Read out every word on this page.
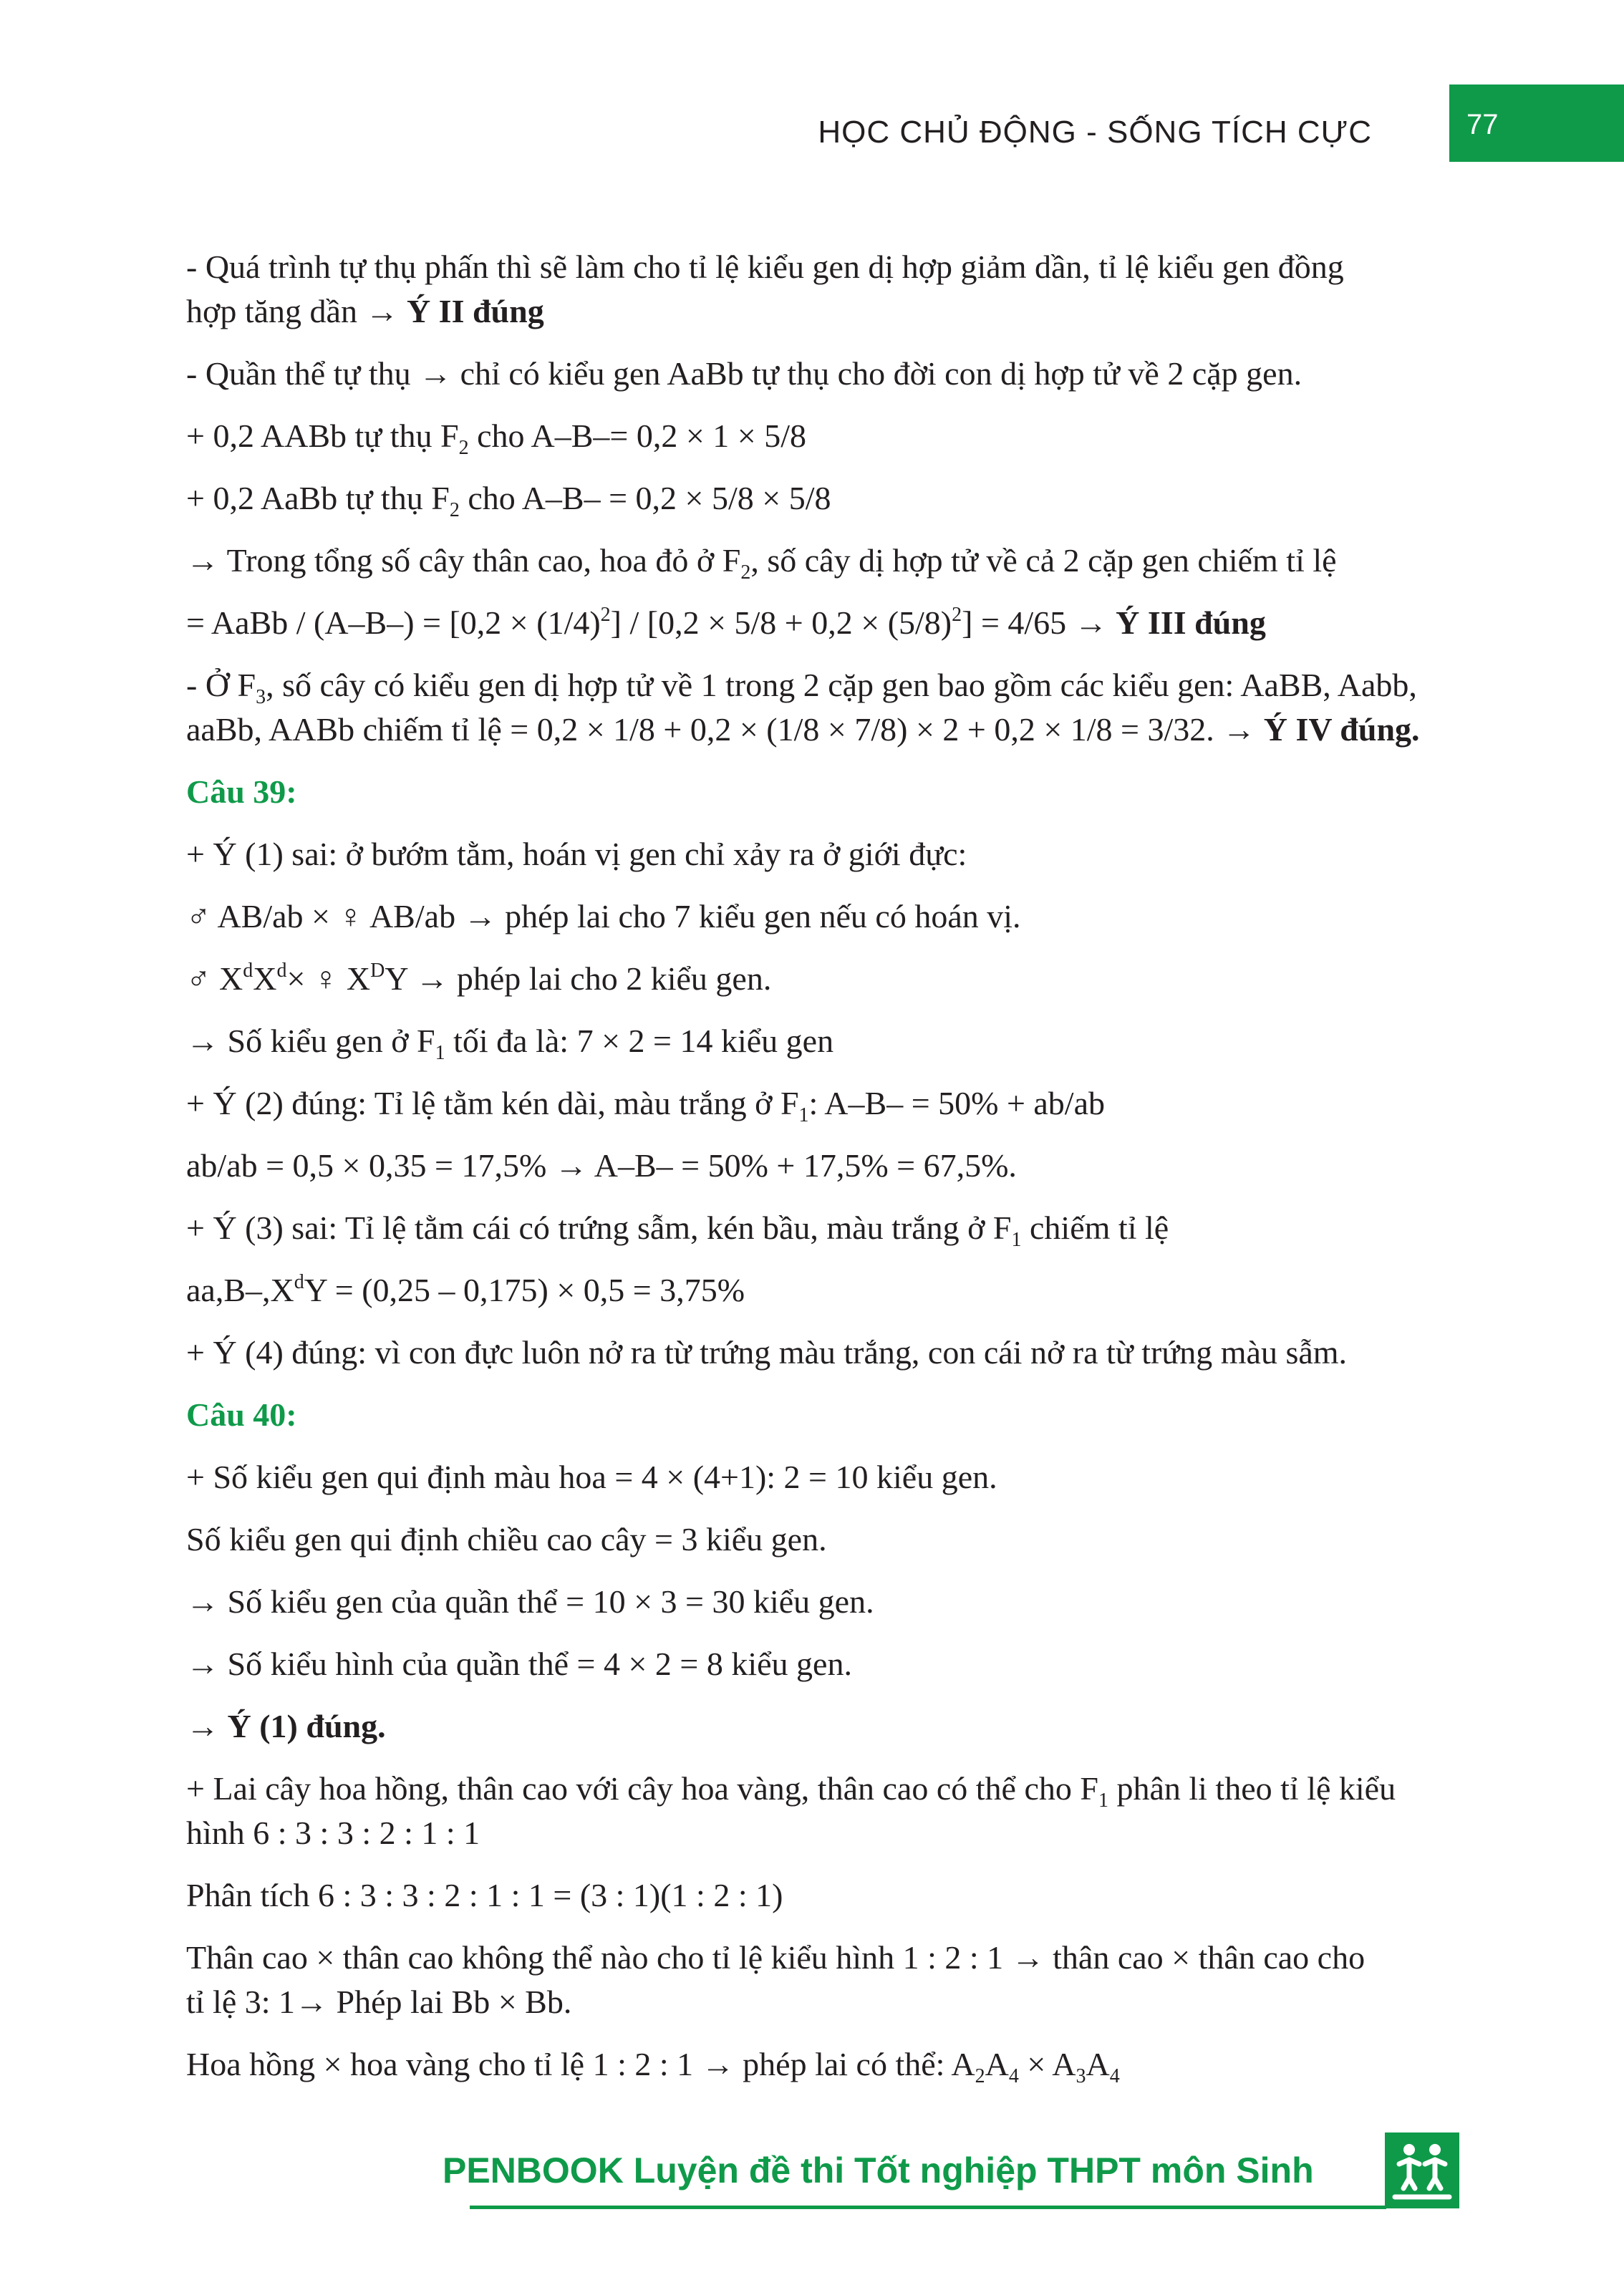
HỌC CHỦ ĐỘNG - SỐNG TÍCH CỰC	77

- Quá trình tự thụ phấn thì sẽ làm cho tỉ lệ kiểu gen dị hợp giảm dần, tỉ lệ kiểu gen đồng

hợp tăng dần → Ý II đúng

- Quần thể tự thụ → chỉ có kiểu gen AaBb tự thụ cho đời con dị hợp tử về 2 cặp gen.

+ 0,2 AABb tự thụ $F_2$ cho A–B–= 0,2 × 1 × 5/8

+ 0,2 AaBb tự thụ $F_2$ cho A–B– = 0,2 × 5/8 × 5/8

→ Trong tổng số cây thân cao, hoa đỏ ở $F_2$, số cây dị hợp tử về cả 2 cặp gen chiếm tỉ lệ

= AaBb / $(A-B-) = [0,2 \times (1/4)^2] / [0,2 \times 5/8 + 0,2 \times (5/8)^2] = 4/65$ → Ý III đúng

- Ở $F_3$, số cây có kiểu gen dị hợp tử về 1 trong 2 cặp gen bao gồm các kiểu gen: AaBB, Aabb,

aaBb, AABb chiếm tỉ lệ = 0,2 × 1/8 + 0,2 × (1/8 × 7/8) × 2 + 0,2 × 1/8 = 3/32. → Ý IV đúng.

Câu 39:

+ Ý (1) sai: ở bướm tằm, hoán vị gen chỉ xảy ra ở giới đực:

♂ AB/ab × ♀ AB/ab → phép lai cho 7 kiểu gen nếu có hoán vị.

♂ $X^dX^d\times$ ♀ $X^DY$ → phép lai cho 2 kiểu gen.

→ Số kiểu gen ở $F_1$ tối đa là: 7 × 2 = 14 kiểu gen

+ Ý (2) đúng: Tỉ lệ tằm kén dài, màu trắng ở $F_1$: A–B– = 50% + ab/ab

ab/ab = 0,5 × 0,35 = 17,5% → A–B– = 50% + 17,5% = 67,5%.

+ Ý (3) sai: Tỉ lệ tằm cái có trứng sẫm, kén bầu, màu trắng ở $F_1$ chiếm tỉ lệ

$aa,B-,X^dY = (0,25 - 0,175) \times 0,5 = 3,75\%$

+ Ý (4) đúng: vì con đực luôn nở ra từ trứng màu trắng, con cái nở ra từ trứng màu sẫm.

Câu 40:

+ Số kiểu gen qui định màu hoa = 4 × (4+1): 2 = 10 kiểu gen.

Số kiểu gen qui định chiều cao cây = 3 kiểu gen.

→ Số kiểu gen của quần thể = 10 × 3 = 30 kiểu gen.

→ Số kiểu hình của quần thể = 4 × 2 = 8 kiểu gen.

→ Ý (1) đúng.

+ Lai cây hoa hồng, thân cao với cây hoa vàng, thân cao có thể cho $F_1$ phân li theo tỉ lệ kiểu

hình 6 : 3 : 3 : 2 : 1 : 1

Phân tích 6 : 3 : 3 : 2 : 1 : 1 = (3 : 1)(1 : 2 : 1)

Thân cao × thân cao không thể nào cho tỉ lệ kiểu hình 1 : 2 : 1 → thân cao × thân cao cho

tỉ lệ 3: 1→ Phép lai Bb × Bb.

Hoa hồng × hoa vàng cho tỉ lệ 1 : 2 : 1 → phép lai có thể: $A_2A_4 \times A_3A_4$

PENBOOK Luyện đề thi Tốt nghiệp THPT môn Sinh
